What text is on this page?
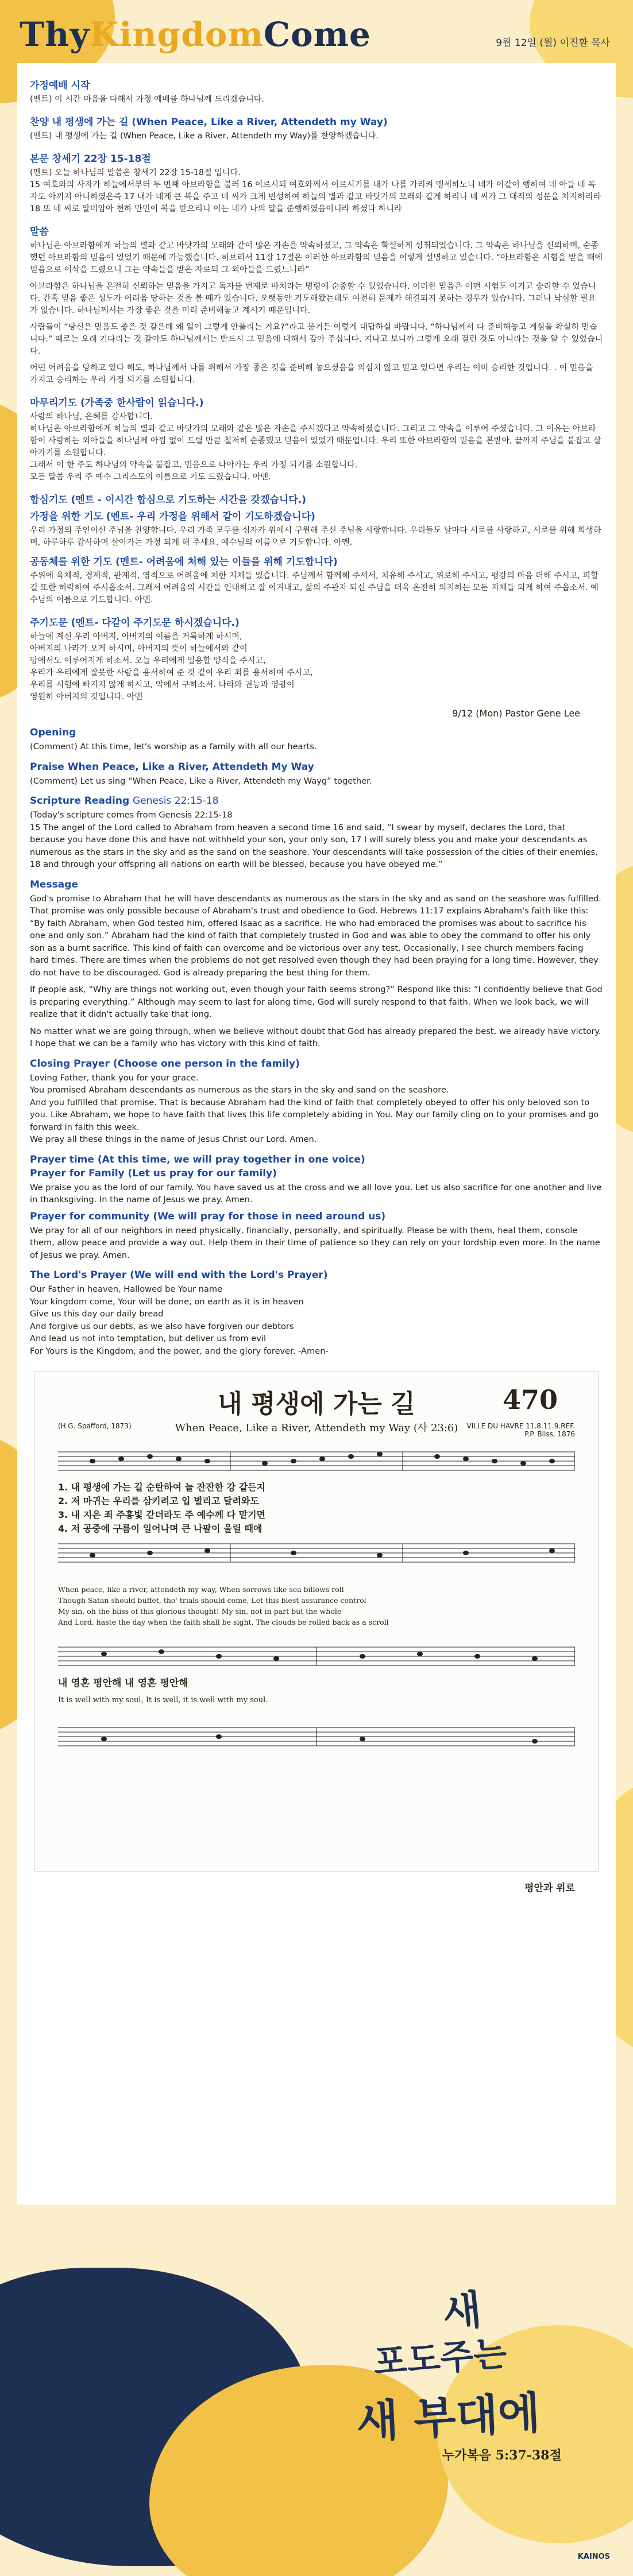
ThyKingdomCome	9월 12일 (월) 이진환 목사
가정예배 시작

(멘트) 이 시간 마음을 다해서 가정 예배를 하나님께 드리겠습니다.

찬양 내 평생에 가는 길 (When Peace, Like a River, Attendeth my Way)

(멘트) 내 평생에 가는 길 (When Peace, Like a River, Attendeth my Way)를 찬양하겠습니다.

본문 창세기 22장 15-18절

(멘트) 오늘 하나님의 말씀은 창세기 22장 15-18절 입니다.
15 여호와의 사자가 하늘에서부터 두 번째 아브라함을 불러 16 이르시되 여호와께서 이르시기를 내가 나를 가리켜 맹세하노니 네가 이같이 행하여 네 아들 네 독자도 아끼지 아니하였은즉 17 내가 네게 큰 복을 주고 네 씨가 크게 번성하여 하늘의 별과 같고 바닷가의 모래와 같게 하리니 네 씨가 그 대적의 성문을 차지하리라 18 또 네 씨로 말미암아 천하 만민이 복을 받으리니 이는 네가 나의 말을 준행하였음이니라 하셨다 하니라

말씀

하나님은 아브라함에게 하늘의 별과 같고 바닷가의 모래와 같이 많은 자손을 약속하셨고, 그 약속은 확실하게 성취되었습니다. 그 약속은 하나님을 신뢰하며, 순종 했던 아브라함의 믿음이 있었기 때문에 가능했습니다. 히브리서 11장 17절은 이러한 아브라함의 믿음을 이렇게 설명하고 있습니다. “아브라함은 시험을 받을 때에 믿음으로 이삭을 드렸으니 그는 약속들을 받은 자로되 그 외아들을 드렸느니라”

아브라함은 하나님을 온전히 신뢰하는 믿음을 가지고 독자를 번제로 바치라는 명령에 순종할 수 있었습니다. 이러한 믿음은 어떤 시험도 이기고 승리할 수 있습니다. 간혹 믿음 좋은 성도가 어려움 당하는 것을 볼 때가 있습니다. 오랫동안 기도해왔는데도 여전히 문제가 해결되지 못하는 경우가 있습니다. 그러나 낙심할 필요가 없습니다. 하나님께서는 가장 좋은 것을 미리 준비해놓고 계시기 때문입니다.

사람들이 “당신은 믿음도 좋은 것 같은데 왜 일이 그렇게 안풀리는 거요?”라고 묻거든 이렇게 대답하실 바랍니다. “하나님께서 다 준비해놓고 계심을 확실히 믿습니다.” 때로는 오래 기다리는 것 같아도 하나님께서는 반드시 그 믿음에 대해서 갚아 주십니다. 지나고 보니까 그렇게 오래 걸린 것도 아니라는 것을 알 수 있었습니다.

어떤 어려움을 당하고 있다 해도, 하나님께서 나를 위해서 가장 좋은 것을 준비해 놓으셨음을 의심치 않고 믿고 있다면 우리는 이미 승리한 것입니다. . 이 믿음을 가지고 승리하는 우리 가정 되기를 소원합니다.

마무리기도 (가족중 한사람이 읽습니다.)

사랑의 하나님, 은혜를 감사합니다.
하나님은 아브라함에게 하늘의 별과 같고 바닷가의 모래와 같은 많은 자손을 주시겠다고 약속하셨습니다. 그리고 그 약속을 이루어 주셨습니다. 그 이유는 아브라함이 사랑하는 외아들을 하나님께 아낌 없이 드릴 만큼 철저히 순종했고 믿음이 있었기 때문입니다. 우리 또한 아브라함의 믿음을 본받아, 끝까지 주님을 붙잡고 살아가기를 소원합니다.
그래서 이 한 주도 하나님의 약속을 붙잡고, 믿음으로 나아가는 우리 가정 되기를 소원합니다.
모든 말씀 우리 주 예수 그리스도의 이름으로 기도 드렸습니다. 아멘.

합심기도 (멘트 - 이시간 합심으로 기도하는 시간을 갖겠습니다.)
가정을 위한 기도 (멘트- 우리 가정을 위해서 같이 기도하겠습니다)

우리 가정의 주인이신 주님을 찬양합니다. 우리 가족 모두를 십자가 위에서 구원해 주신 주님을 사랑합니다. 우리들도 날마다 서로를 사랑하고, 서로를 위해 희생하며, 하루하루 감사하며 살아가는 가정 되게 해 주세요. 예수님의 이름으로 기도합니다. 아멘.

공동체를 위한 기도 (멘트- 어려움에 처해 있는 이들을 위해 기도합니다)

주위에 육체적, 경제적, 관계적, 영적으로 어려움에 처한 지체들 있습니다. 주님께서 함께해 주셔서, 치유해 주시고, 위로해 주시고, 평강의 마음 더해 주시고, 피할 길 또한 허락하여 주시옵소서. 그래서 어려움의 시간들 인내하고 잘 이겨내고, 삶의 주관자 되신 주님을 더욱 온전히 의지하는 모든 지체들 되게 하여 주옵소서. 예수님의 이름으로 기도합니다. 아멘.

주기도문 (멘트- 다같이 주기도문 하시겠습니다.)

하늘에 계신 우리 아버지, 아버지의 이름을 거룩하게 하시며,
아버지의 나라가 오게 하시며, 아버지의 뜻이 하늘에서와 같이
땅에서도 이루어지게 하소서. 오늘 우리에게 일용할 양식을 주시고,
우리가 우리에게 잘못한 사람을 용서하여 준 것 같이 우리 죄를 용서하여 주시고,
우리를 시험에 빠지지 않게 하시고, 악에서 구하소서. 나라와 권능과 영광이
영원히 아버지의 것입니다. 아멘

9/12 (Mon) Pastor Gene Lee
Opening

(Comment) At this time, let's worship as a family with all our hearts.

Praise When Peace, Like a River, Attendeth My Way

(Comment) Let us sing “When Peace, Like a River, Attendeth my Wayg” together.

Scripture Reading Genesis 22:15-18

(Today's scripture comes from Genesis 22:15-18
15 The angel of the Lord called to Abraham from heaven a second time 16 and said, “I swear by myself, declares the Lord, that because you have done this and have not withheld your son, your only son, 17 I will surely bless you and make your descendants as numerous as the stars in the sky and as the sand on the seashore. Your descendants will take possession of the cities of their enemies, 18 and through your offspring all nations on earth will be blessed, because you have obeyed me.”

Message

God's promise to Abraham that he will have descendants as numerous as the stars in the sky and as sand on the seashore was fulfilled. That promise was only possible because of Abraham's trust and obedience to God. Hebrews 11:17 explains Abraham's faith like this: “By faith Abraham, when God tested him, offered Isaac as a sacrifice. He who had embraced the promises was about to sacrifice his one and only son.” Abraham had the kind of faith that completely trusted in God and was able to obey the command to offer his only son as a burnt sacrifice. This kind of faith can overcome and be victorious over any test. Occasionally, I see church members facing hard times. There are times when the problems do not get resolved even though they had been praying for a long time. However, they do not have to be discouraged. God is already preparing the best thing for them.

If people ask, “Why are things not working out, even though your faith seems strong?” Respond like this: “I confidently believe that God is preparing everything.” Although may seem to last for along time, God will surely respond to that faith. When we look back, we will realize that it didn't actually take that long.

No matter what we are going through, when we believe without doubt that God has already prepared the best, we already have victory. I hope that we can be a family who has victory with this kind of faith.

Closing Prayer (Choose one person in the family)

Loving Father, thank you for your grace.
You promised Abraham descendants as numerous as the stars in the sky and sand on the seashore.
And you fulfilled that promise. That is because Abraham had the kind of faith that completely obeyed to offer his only beloved son to you. Like Abraham, we hope to have faith that lives this life completely abiding in You. May our family cling on to your promises and go forward in faith this week.
We pray all these things in the name of Jesus Christ our Lord. Amen.

Prayer time (At this time, we will pray together in one voice)
Prayer for Family (Let us pray for our family)

We praise you as the lord of our family. You have saved us at the cross and we all love you. Let us also sacrifice for one another and live in thanksgiving. In the name of Jesus we pray. Amen.

Prayer for community (We will pray for those in need around us)

We pray for all of our neighbors in need physically, financially, personally, and spiritually. Please be with them, heal them, console them, allow peace and provide a way out. Help them in their time of patience so they can rely on your lordship even more. In the name of Jesus we pray. Amen.

The Lord's Prayer (We will end with the Lord's Prayer)

Our Father in heaven, Hallowed be Your name
Your kingdom come, Your will be done, on earth as it is in heaven
Give us this day our daily bread
And forgive us our debts, as we also have forgiven our debtors
And lead us not into temptation, but deliver us from evil
For Yours is the Kingdom, and the power, and the glory forever. -Amen-

내 평생에 가는 길	470
When Peace, Like a River, Attendeth my Way (사 23:6)
(H.G. Spafford, 1873)	VILLE DU HAVRE 11.8.11.9.REF.
P.P. Bliss, 1876
1. 내 평생에 가는 길 순탄하여 늘 잔잔한 강 같든지
2. 저 마귀는 우리를 삼키려고 입 벌리고 달려와도
3. 내 지은 죄 주홍빛 같더라도 주 예수께 다 맡기면
4. 저 공중에 구름이 일어나며 큰 나팔이 울릴 때에
When peace, like a river, attendeth my way, When sorrows like sea billows roll
Though Satan should buffet, tho' trials should come, Let this blest assurance control
My sin, oh the bliss of this glorious thought! My sin, not in part but the whole
And Lord, haste the day when the faith shall be sight, The clouds be rolled back as a scroll
내 영혼 평안해 내 영혼 평안해
It is well with my soul, It is well, it is well with my soul.
평안과 위로
새
포도주는
새 부대에
누가복음 5:37-38절
KAINOS
